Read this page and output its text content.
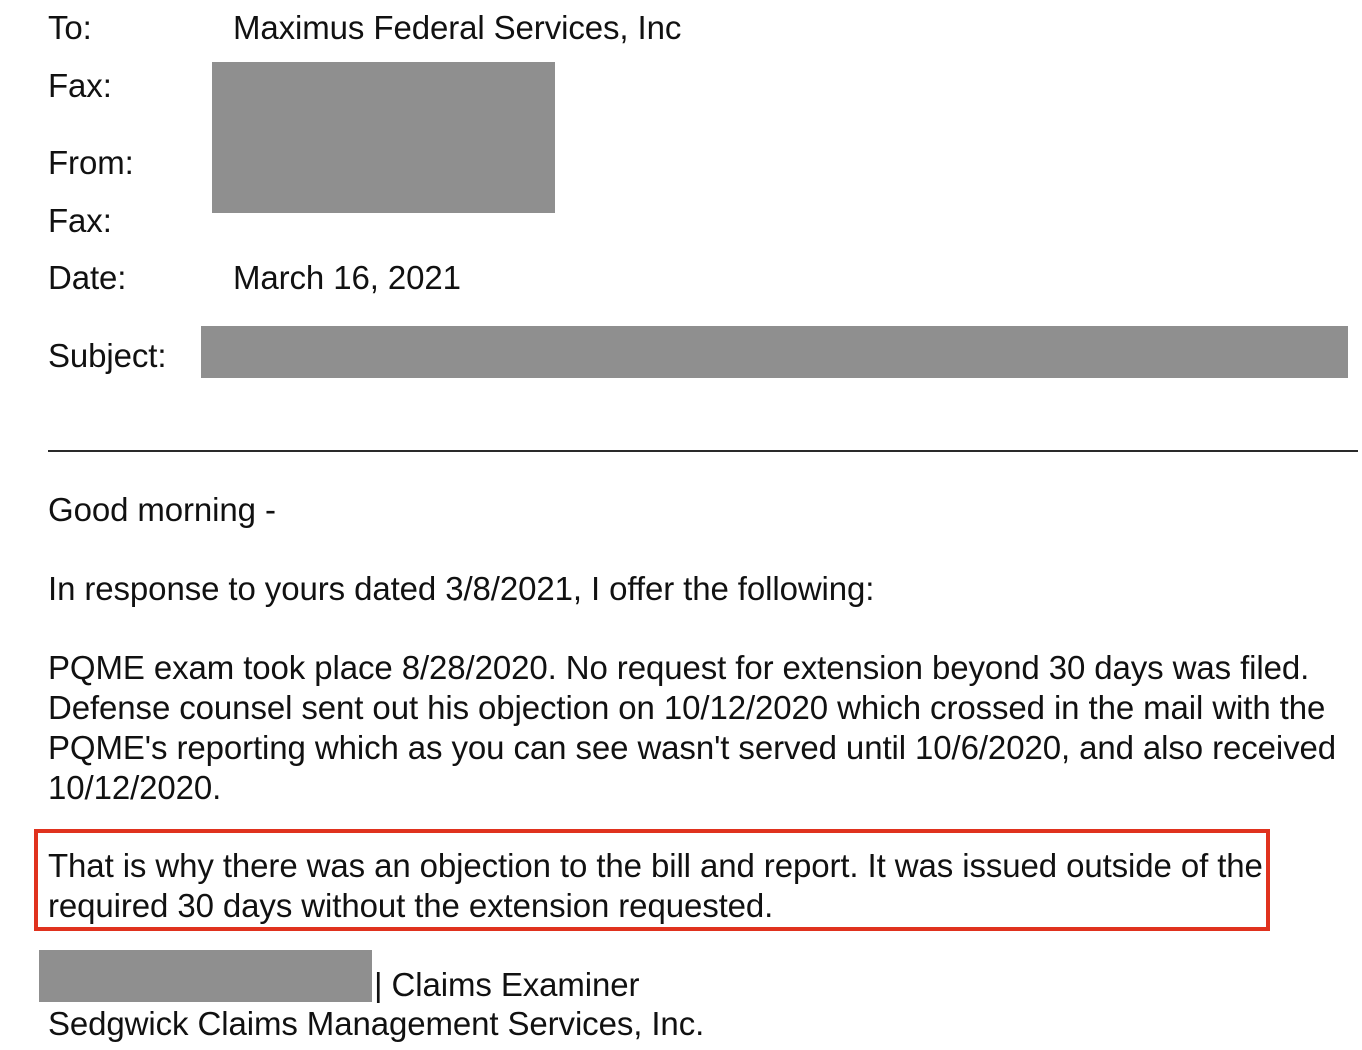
To:	Maximus Federal Services, Inc
Fax:
From:
Fax:
Date:	March 16, 2021
Subject:
Good morning -
In response to yours dated 3/8/2021, I offer the following:
PQME exam took place 8/28/2020. No request for extension beyond 30 days was filed.
Defense counsel sent out his objection on 10/12/2020 which crossed in the mail with the
PQME's reporting which as you can see wasn't served until 10/6/2020, and also received
10/12/2020.
That is why there was an objection to the bill and report. It was issued outside of the
required 30 days without the extension requested.
| Claims Examiner
Sedgwick Claims Management Services, Inc.
